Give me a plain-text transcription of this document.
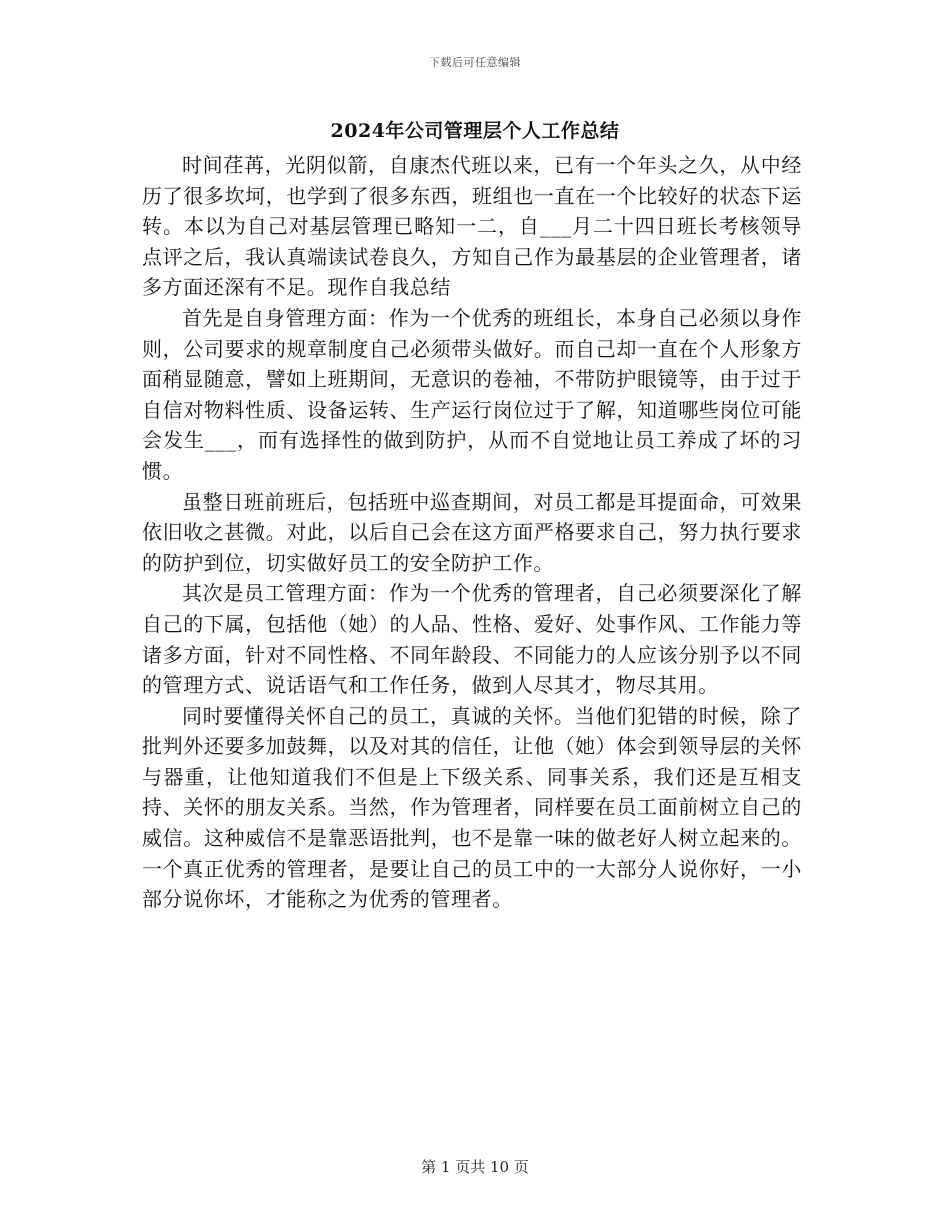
下载后可任意编辑
2024年公司管理层个人工作总结

时间荏苒，光阴似箭，自康杰代班以来，已有一个年头之久，从中经历了很多坎坷，也学到了很多东西，班组也一直在一个比较好的状态下运转。本以为自己对基层管理已略知一二，自___月二十四日班长考核领导点评之后，我认真端读试卷良久，方知自己作为最基层的企业管理者，诸多方面还深有不足。现作自我总结

首先是自身管理方面：作为一个优秀的班组长，本身自己必须以身作则，公司要求的规章制度自己必须带头做好。而自己却一直在个人形象方面稍显随意，譬如上班期间，无意识的卷袖，不带防护眼镜等，由于过于自信对物料性质、设备运转、生产运行岗位过于了解，知道哪些岗位可能会发生___，而有选择性的做到防护，从而不自觉地让员工养成了坏的习惯。

虽整日班前班后，包括班中巡查期间，对员工都是耳提面命，可效果依旧收之甚微。对此，以后自己会在这方面严格要求自己，努力执行要求的防护到位，切实做好员工的安全防护工作。

其次是员工管理方面：作为一个优秀的管理者，自己必须要深化了解自己的下属，包括他（她）的人品、性格、爱好、处事作风、工作能力等诸多方面，针对不同性格、不同年龄段、不同能力的人应该分别予以不同的管理方式、说话语气和工作任务，做到人尽其才，物尽其用。

同时要懂得关怀自己的员工，真诚的关怀。当他们犯错的时候，除了批判外还要多加鼓舞，以及对其的信任，让他（她）体会到领导层的关怀与器重，让他知道我们不但是上下级关系、同事关系，我们还是互相支持、关怀的朋友关系。当然，作为管理者，同样要在员工面前树立自己的威信。这种威信不是靠恶语批判，也不是靠一味的做老好人树立起来的。一个真正优秀的管理者，是要让自己的员工中的一大部分人说你好，一小部分说你坏，才能称之为优秀的管理者。

第 1 页共 10 页
